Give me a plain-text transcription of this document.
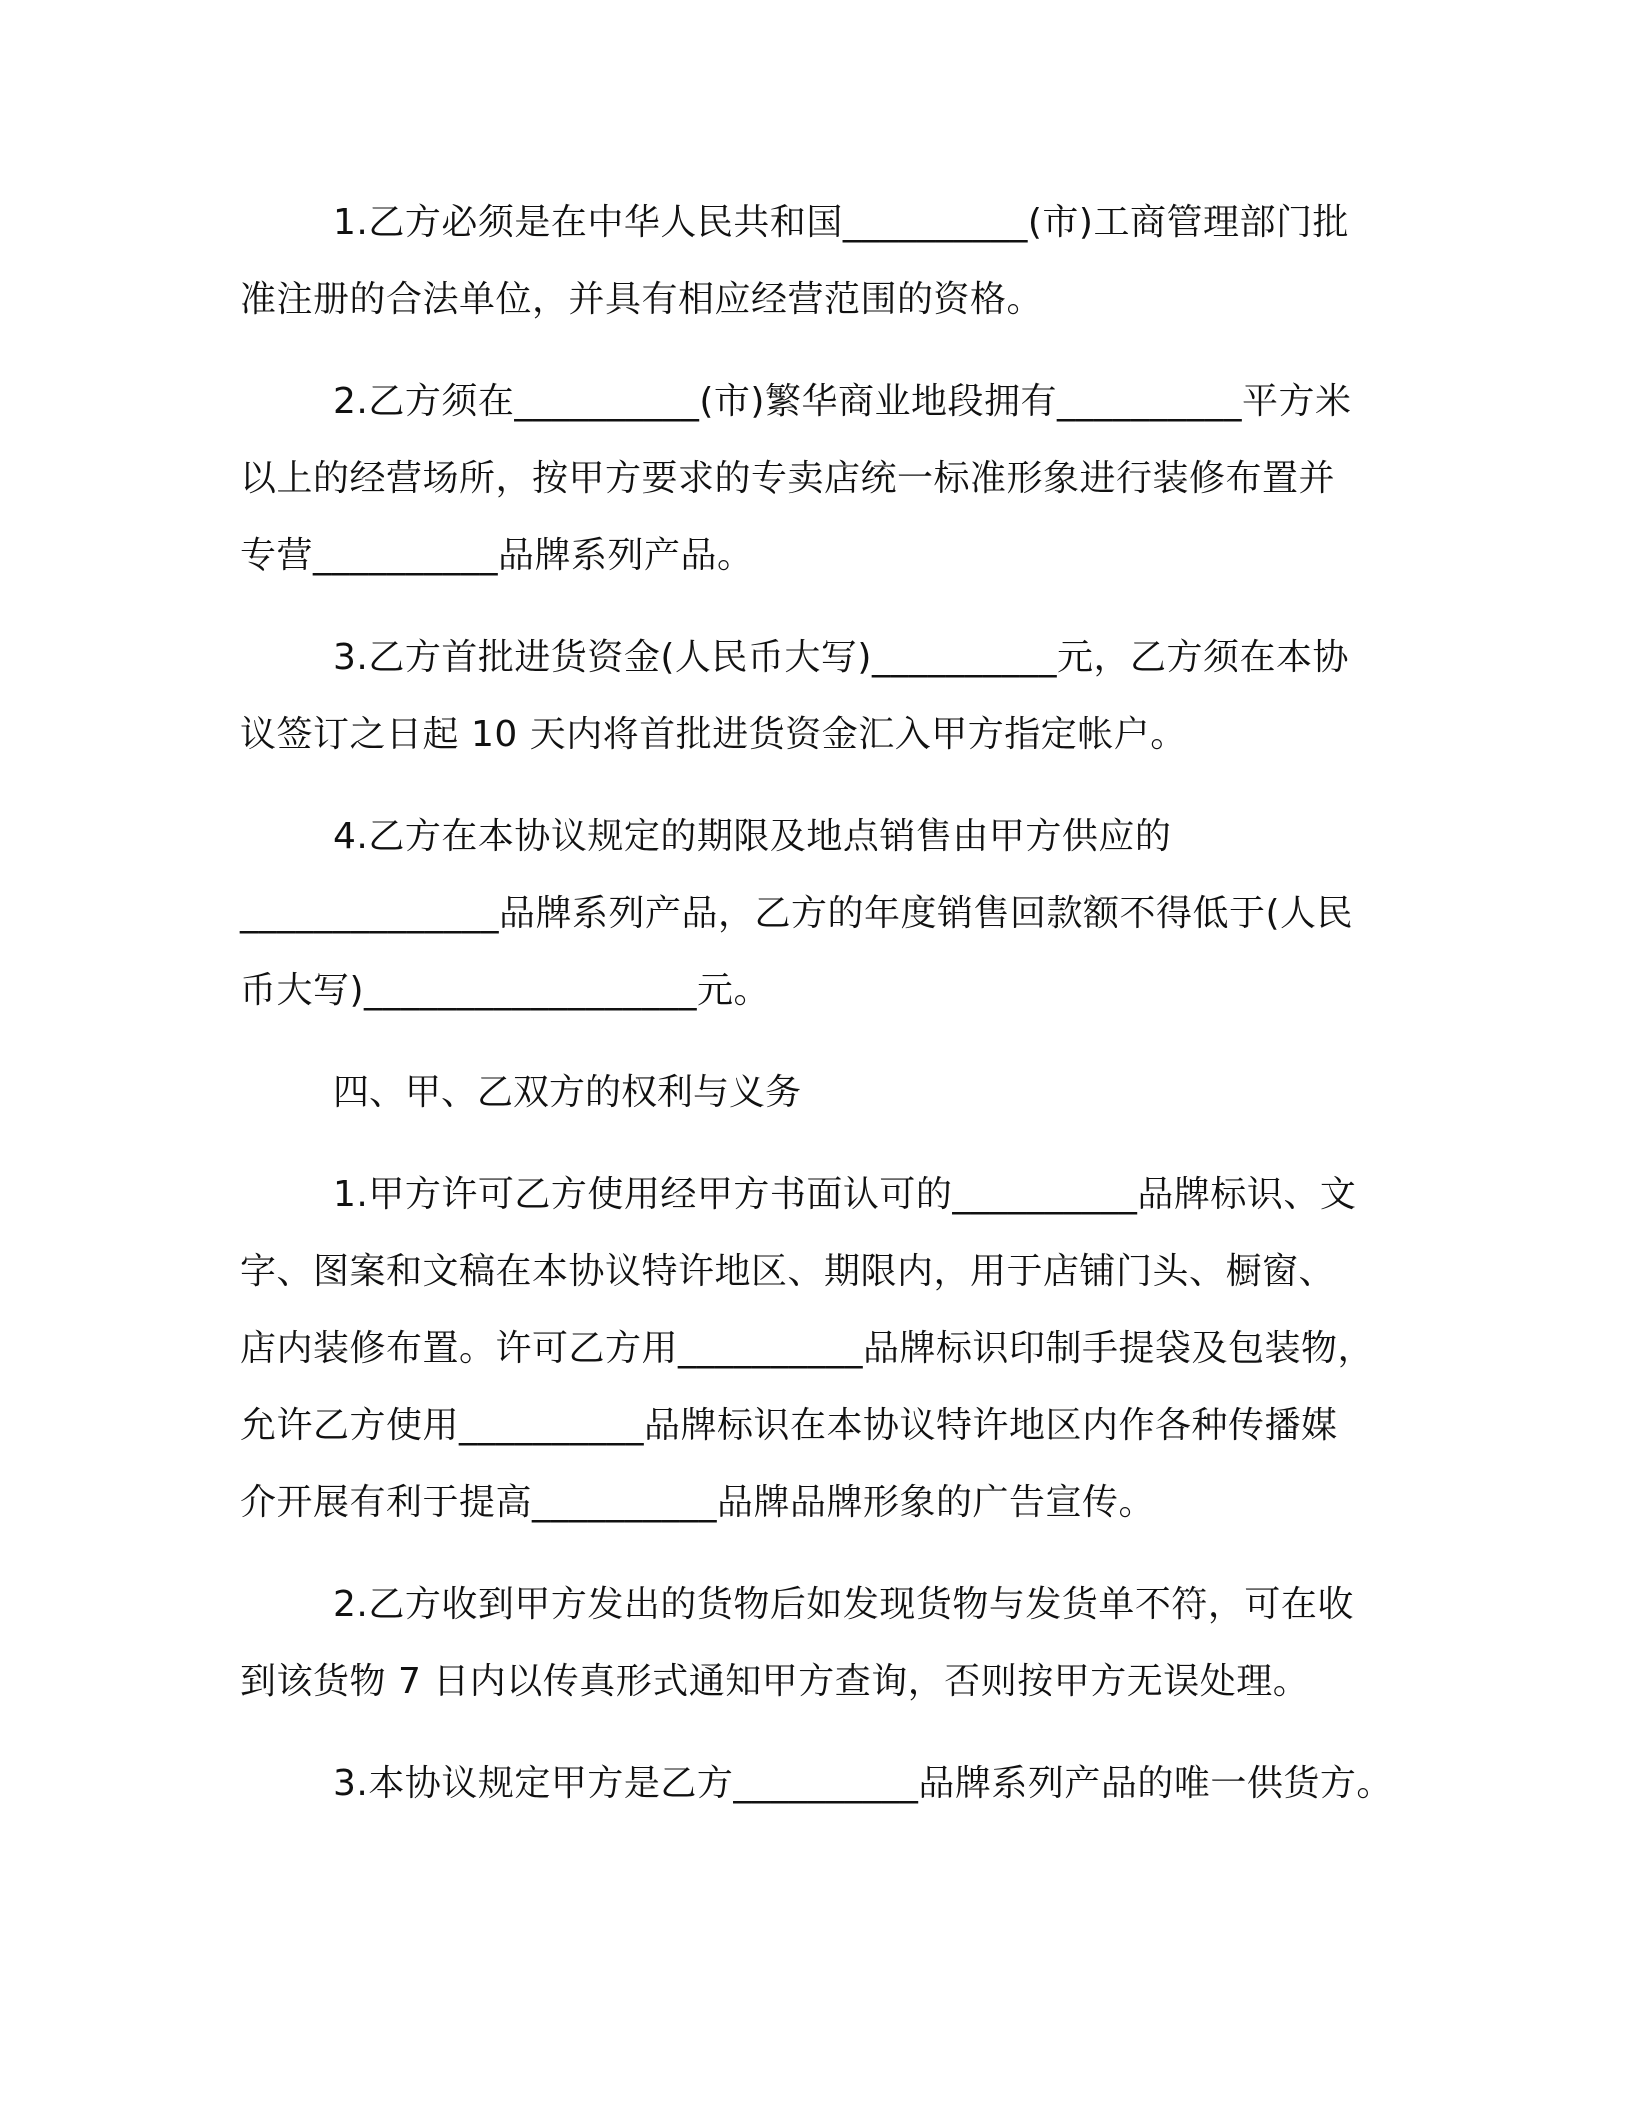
1.乙方必须是在中华人民共和国__________(市)工商管理部门批
准注册的合法单位，并具有相应经营范围的资格。
2.乙方须在__________(市)繁华商业地段拥有__________平方米
以上的经营场所，按甲方要求的专卖店统一标准形象进行装修布置并
专营__________品牌系列产品。
3.乙方首批进货资金(人民币大写)__________元，乙方须在本协
议签订之日起 10 天内将首批进货资金汇入甲方指定帐户。
4.乙方在本协议规定的期限及地点销售由甲方供应的
______________品牌系列产品，乙方的年度销售回款额不得低于(人民
币大写)__________________元。
四、甲、乙双方的权利与义务
1.甲方许可乙方使用经甲方书面认可的__________品牌标识、文
字、图案和文稿在本协议特许地区、期限内，用于店铺门头、橱窗、
店内装修布置。许可乙方用__________品牌标识印制手提袋及包装物，
允许乙方使用__________品牌标识在本协议特许地区内作各种传播媒
介开展有利于提高__________品牌品牌形象的广告宣传。
2.乙方收到甲方发出的货物后如发现货物与发货单不符，可在收
到该货物 7 日内以传真形式通知甲方查询，否则按甲方无误处理。
3.本协议规定甲方是乙方__________品牌系列产品的唯一供货方。
